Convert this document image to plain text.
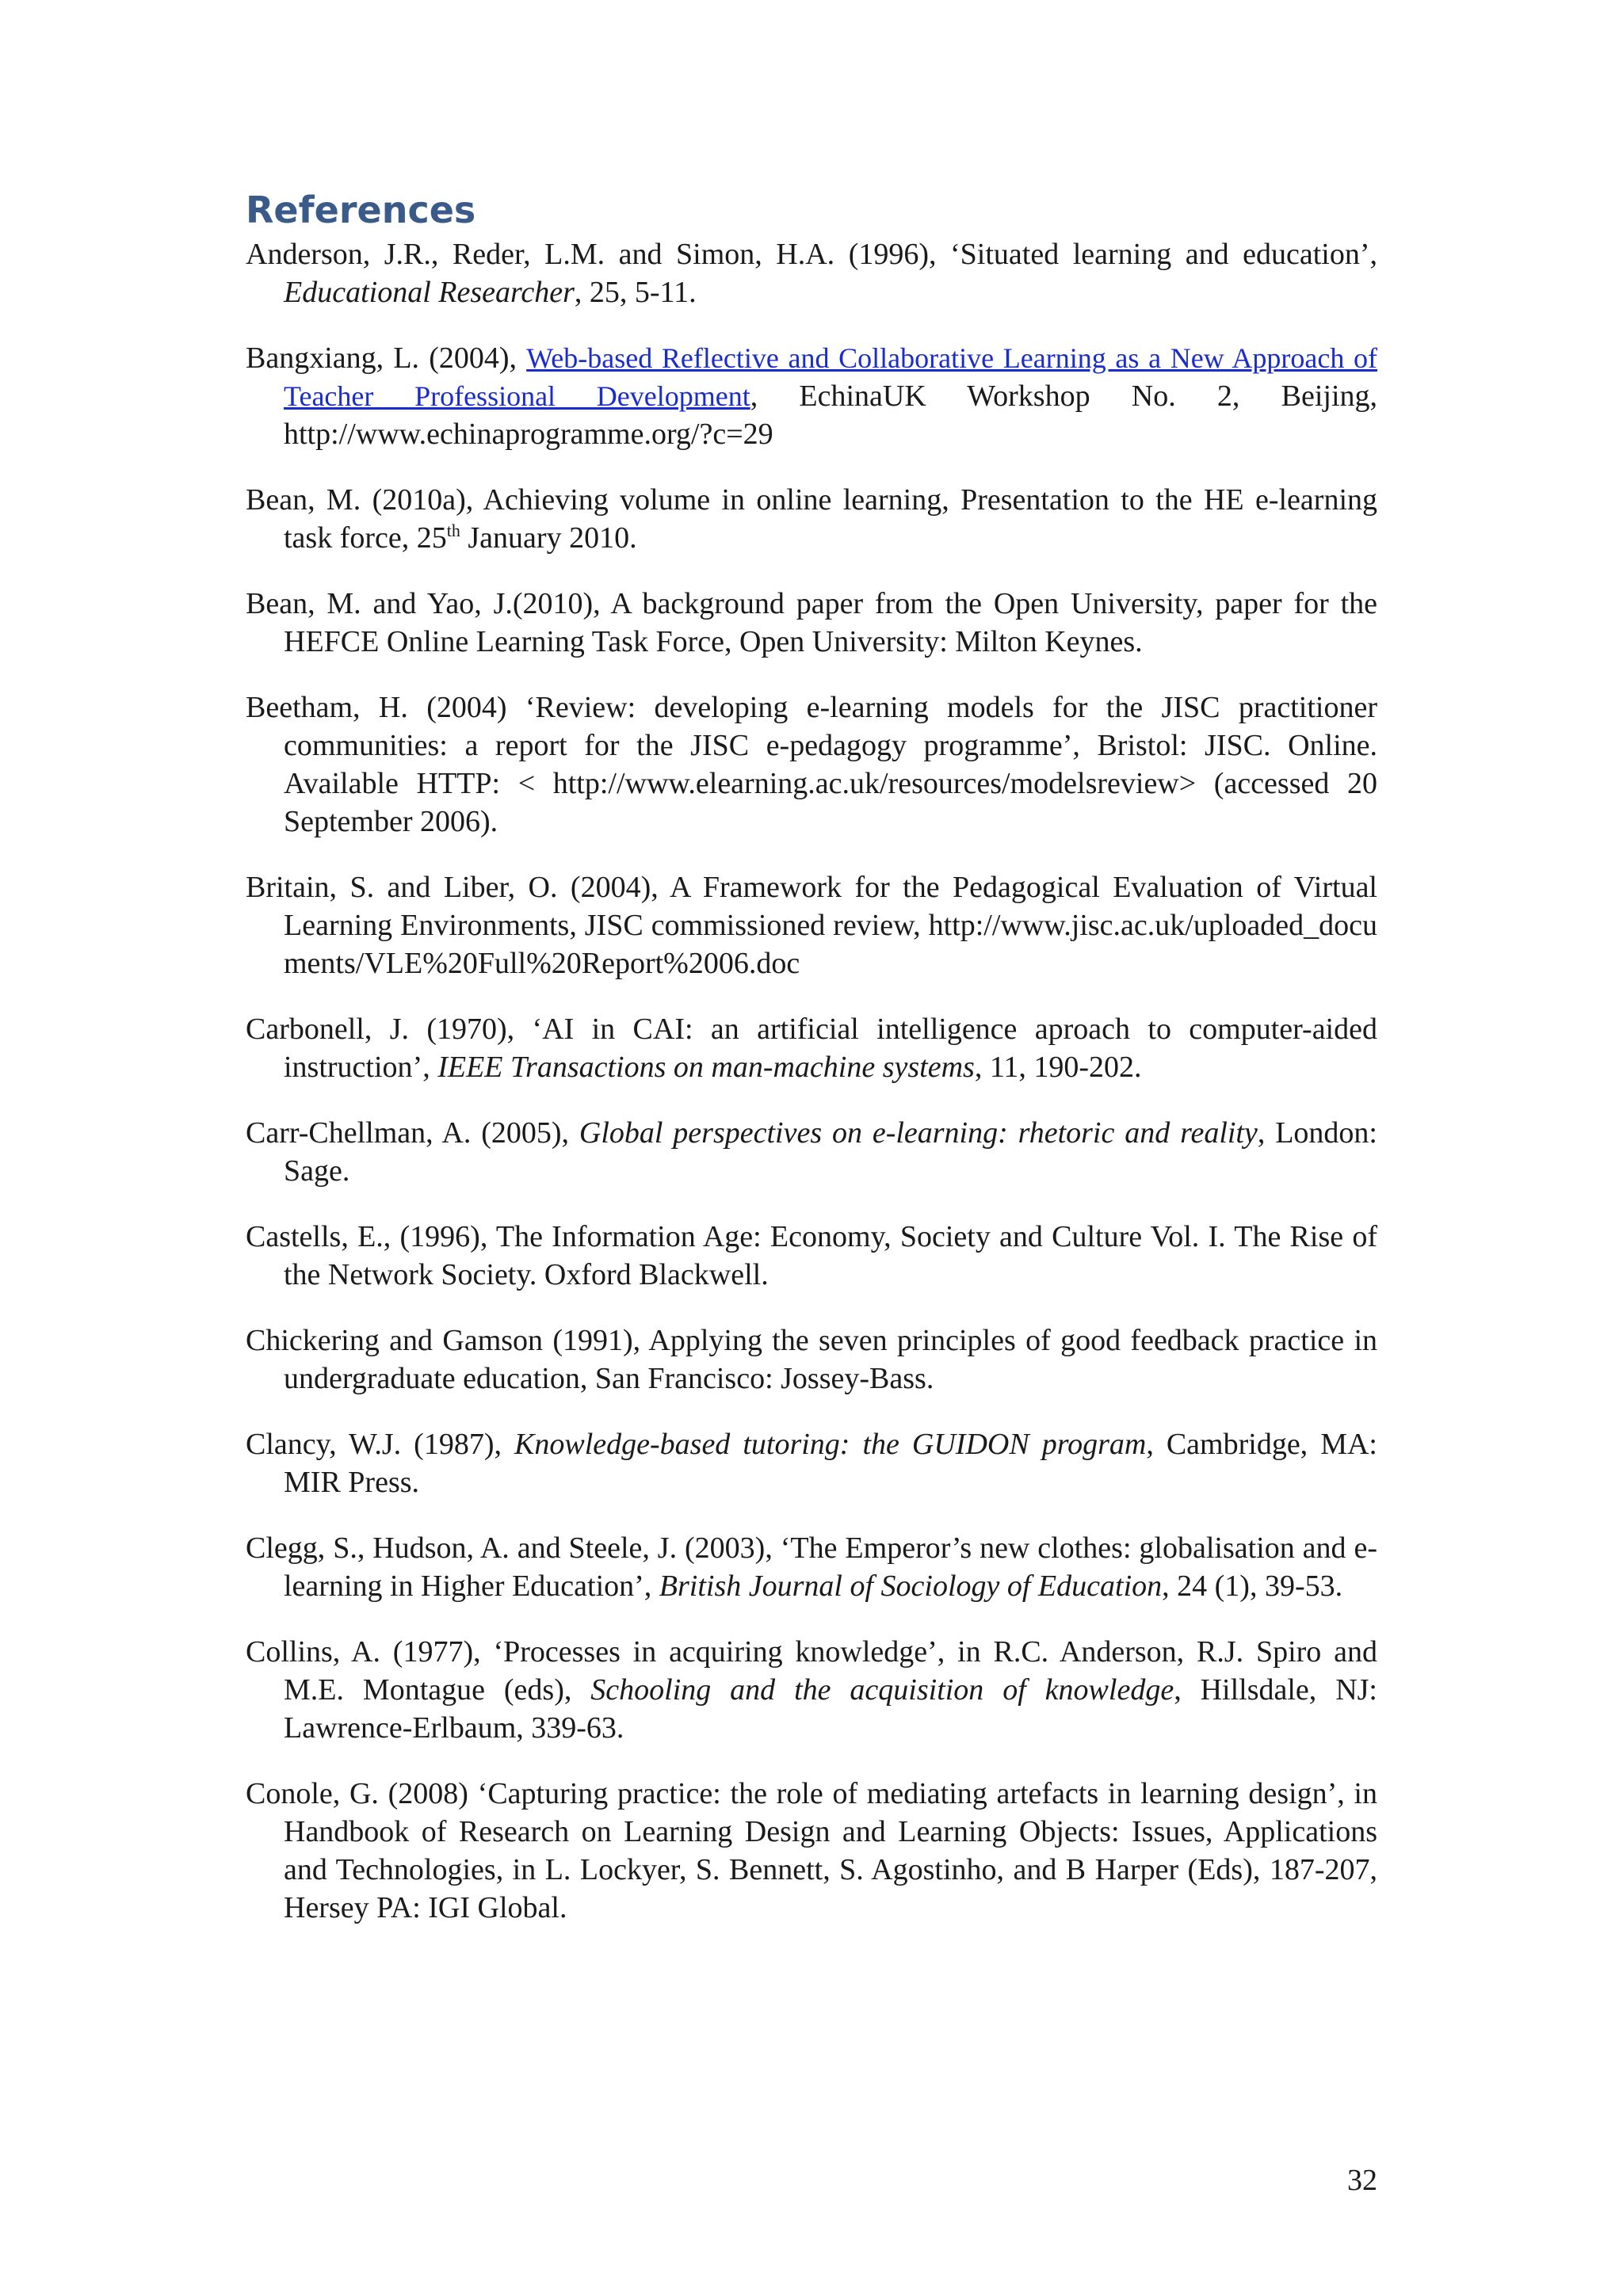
References

Anderson, J.R., Reder, L.M. and Simon, H.A. (1996), ‘Situated learning and education’, Educational Researcher, 25, 5-11.

Bangxiang, L. (2004), Web-based Reflective and Collaborative Learning as a New Approach of Teacher Professional Development, EchinaUK Workshop No. 2, Beijing, http://www.echinaprogramme.org/?c=29

Bean, M. (2010a), Achieving volume in online learning, Presentation to the HE e-learning task force, 25th January 2010.

Bean, M. and Yao, J.(2010), A background paper from the Open University, paper for the HEFCE Online Learning Task Force, Open University: Milton Keynes.

Beetham, H. (2004) ‘Review: developing e-learning models for the JISC practitioner communities: a report for the JISC e-pedagogy programme’, Bristol: JISC. Online. Available HTTP: < http://www.elearning.ac.uk/resources/modelsreview> (accessed 20 September 2006).

Britain, S. and Liber, O. (2004), A Framework for the Pedagogical Evaluation of Virtual Learning Environments, JISC commissioned review, http://www.jisc.ac.uk/uploaded_documents/VLE%20Full%20Report%2006.doc

Carbonell, J. (1970), ‘AI in CAI: an artificial intelligence aproach to computer-aided instruction’, IEEE Transactions on man-machine systems, 11, 190-202.

Carr-Chellman, A. (2005), Global perspectives on e-learning: rhetoric and reality, London: Sage.

Castells, E., (1996), The Information Age: Economy, Society and Culture Vol. I. The Rise of the Network Society. Oxford Blackwell.

Chickering and Gamson (1991), Applying the seven principles of good feedback practice in undergraduate education, San Francisco: Jossey-Bass.

Clancy, W.J. (1987), Knowledge-based tutoring: the GUIDON program, Cambridge, MA: MIR Press.

Clegg, S., Hudson, A. and Steele, J. (2003), ‘The Emperor’s new clothes: globalisation and e-learning in Higher Education’, British Journal of Sociology of Education, 24 (1), 39-53.

Collins, A. (1977), ‘Processes in acquiring knowledge’, in R.C. Anderson, R.J. Spiro and M.E. Montague (eds), Schooling and the acquisition of knowledge, Hillsdale, NJ: Lawrence-Erlbaum, 339-63.

Conole, G. (2008) ‘Capturing practice: the role of mediating artefacts in learning design’, in Handbook of Research on Learning Design and Learning Objects: Issues, Applications and Technologies, in L. Lockyer, S. Bennett, S. Agostinho, and B Harper (Eds), 187-207, Hersey PA: IGI Global.

32
